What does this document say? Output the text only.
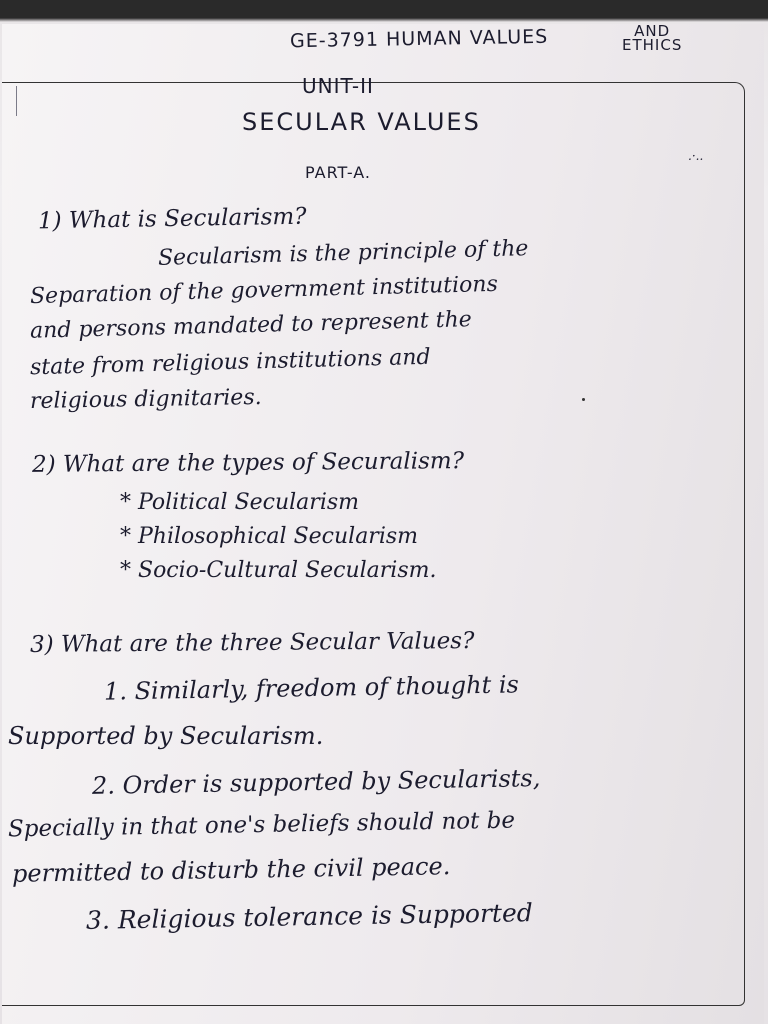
GE-3791 HUMAN VALUES	AND
ETHICS
UNIT-II
SECULAR VALUES
PART-A.
.·..
1) What is Secularism?
Secularism is the principle of the
Separation of the government institutions
and persons mandated to represent the
state from religious institutions and
religious dignitaries.
2) What are the types of Securalism?
* Political Secularism
* Philosophical Secularism
* Socio-Cultural Secularism.
3) What are the three Secular Values?
1. Similarly, freedom of thought is
Supported by Secularism.
2. Order is supported by Secularists,
Specially in that one's beliefs should not be
permitted to disturb the civil peace.
3. Religious tolerance is Supported
